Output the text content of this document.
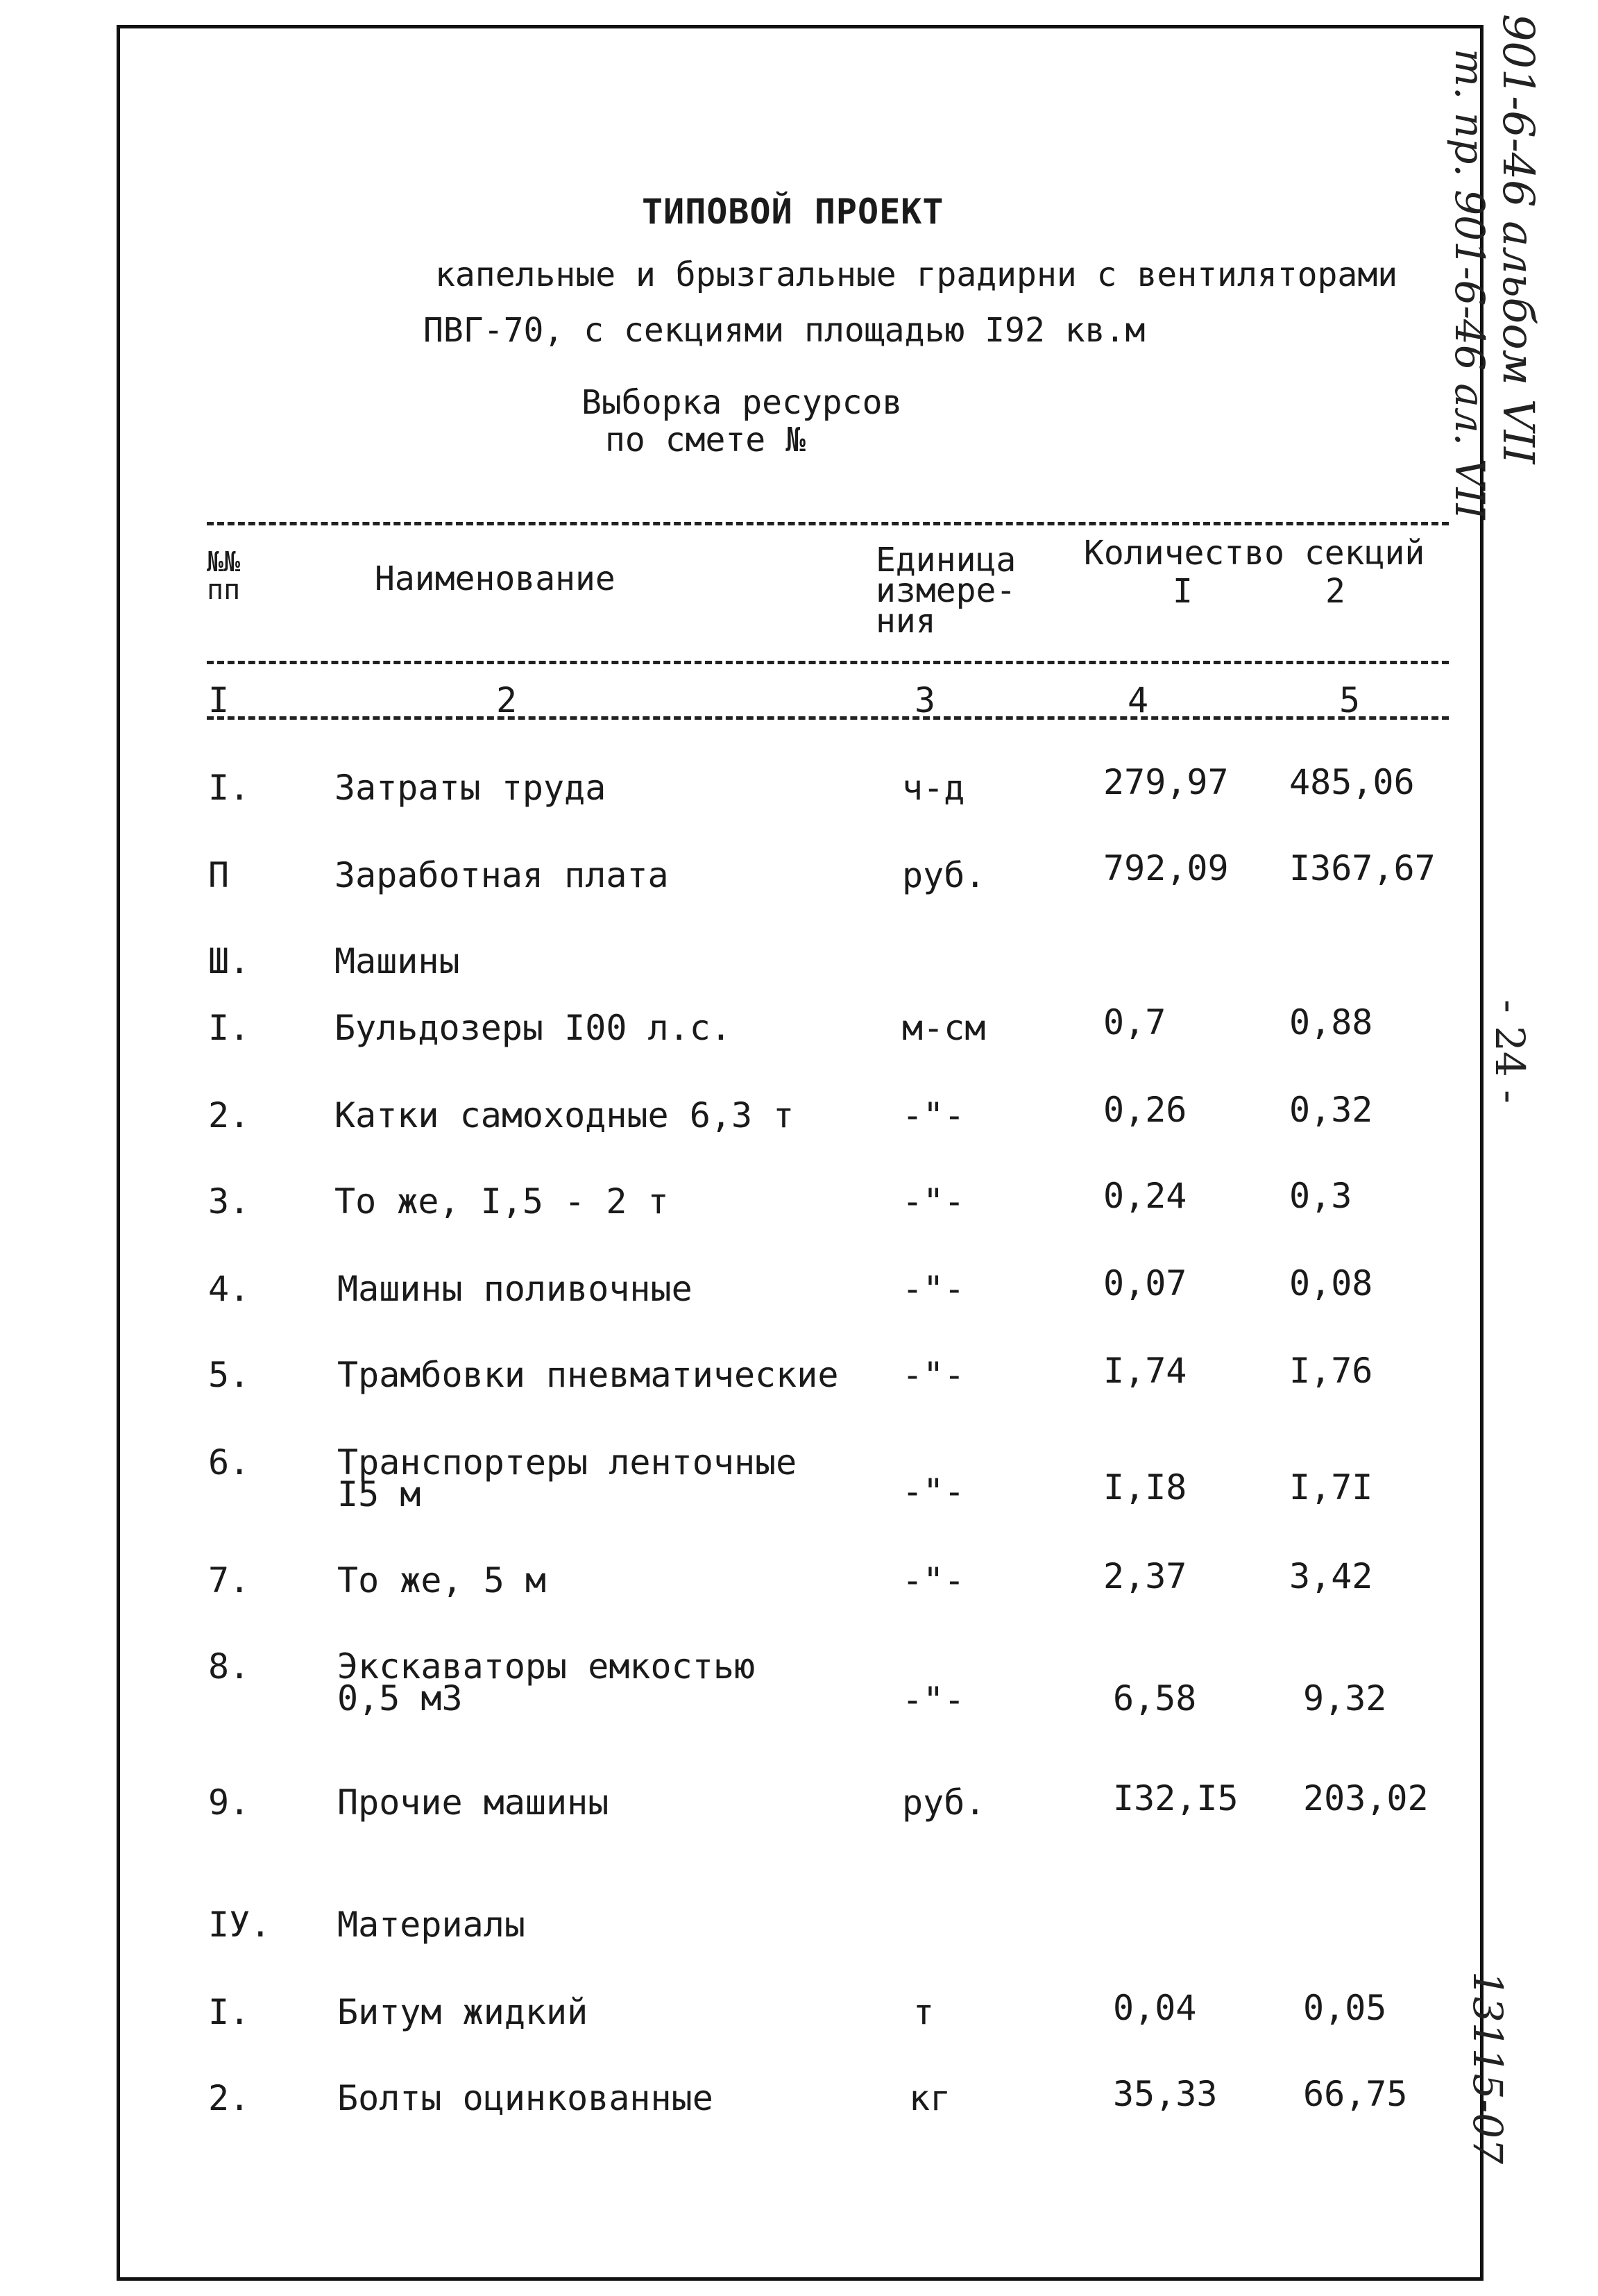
ТИПОВОЙ ПРОЕКТ
капельные и брызгальные градирни с вентиляторами
ПВГ-70, с секциями площадью I92 кв.м
Выборка ресурсов
по смете №
№№ пп	Наименование	Единица измере- ния
Количество секций
I	2
I	2	3	4	5
I. Затраты труда	ч-д	279,97 485,06
П	Заработная плата	руб.	792,09 I367,67
Ш. Машины
I. Бульдозеры I00 л.с.	м-см	0,7	0,88
2. Катки самоходные 6,3 т	-"-	0,26	0,32
3. То же, I,5 - 2 т	-"-	0,24	0,3
4.	Машины поливочные	-"-	0,07	0,08
5.	Трамбовки пневматические -"-	I,74	I,76
6.	Транспортеры ленточные
I5 м	-"-	I,I8	I,7I
7.	То же, 5 м	-"-	2,37	3,42
8.	Экскаваторы емкостью
0,5 м3	-"-	6,58	9,32
9.	Прочие машины	руб.	I32,I5 203,02
IУ. Материалы
I.	Битум жидкий	т	0,04	0,05
2.	Болты оцинкованные	кг	35,33 66,75
901-6-46 альбом VII
т. пр. 901-6-46 ал. VII
- 24 -
13115-07
